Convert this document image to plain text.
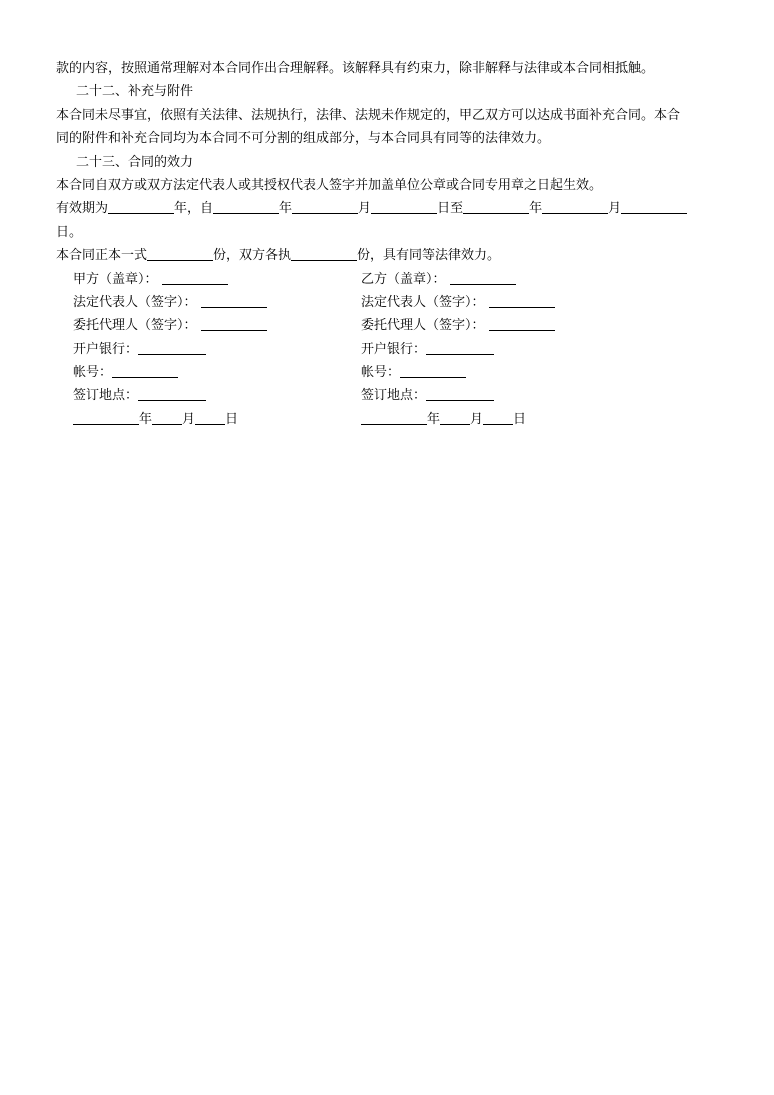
款的内容，按照通常理解对本合同作出合理解释。该解释具有约束力，除非解释与法律或本合同相抵触。
二十二、补充与附件
本合同未尽事宜，依照有关法律、法规执行，法律、法规未作规定的，甲乙双方可以达成书面补充合同。本合
同的附件和补充合同均为本合同不可分割的组成部分，与本合同具有同等的法律效力。
二十三、合同的效力
本合同自双方或双方法定代表人或其授权代表人签字并加盖单位公章或合同专用章之日起生效。
有效期为	年，自	年	月	日至	年	月
日。
本合同正本一式	份，双方各执	份，具有同等法律效力。
甲方（盖章）：	乙方（盖章）：
法定代表人（签字）：	法定代表人（签字）：
委托代理人（签字）：	委托代理人（签字）：
开户银行：	开户银行：
帐号：	帐号：
签订地点：	签订地点：
年 月 日	年 月 日
